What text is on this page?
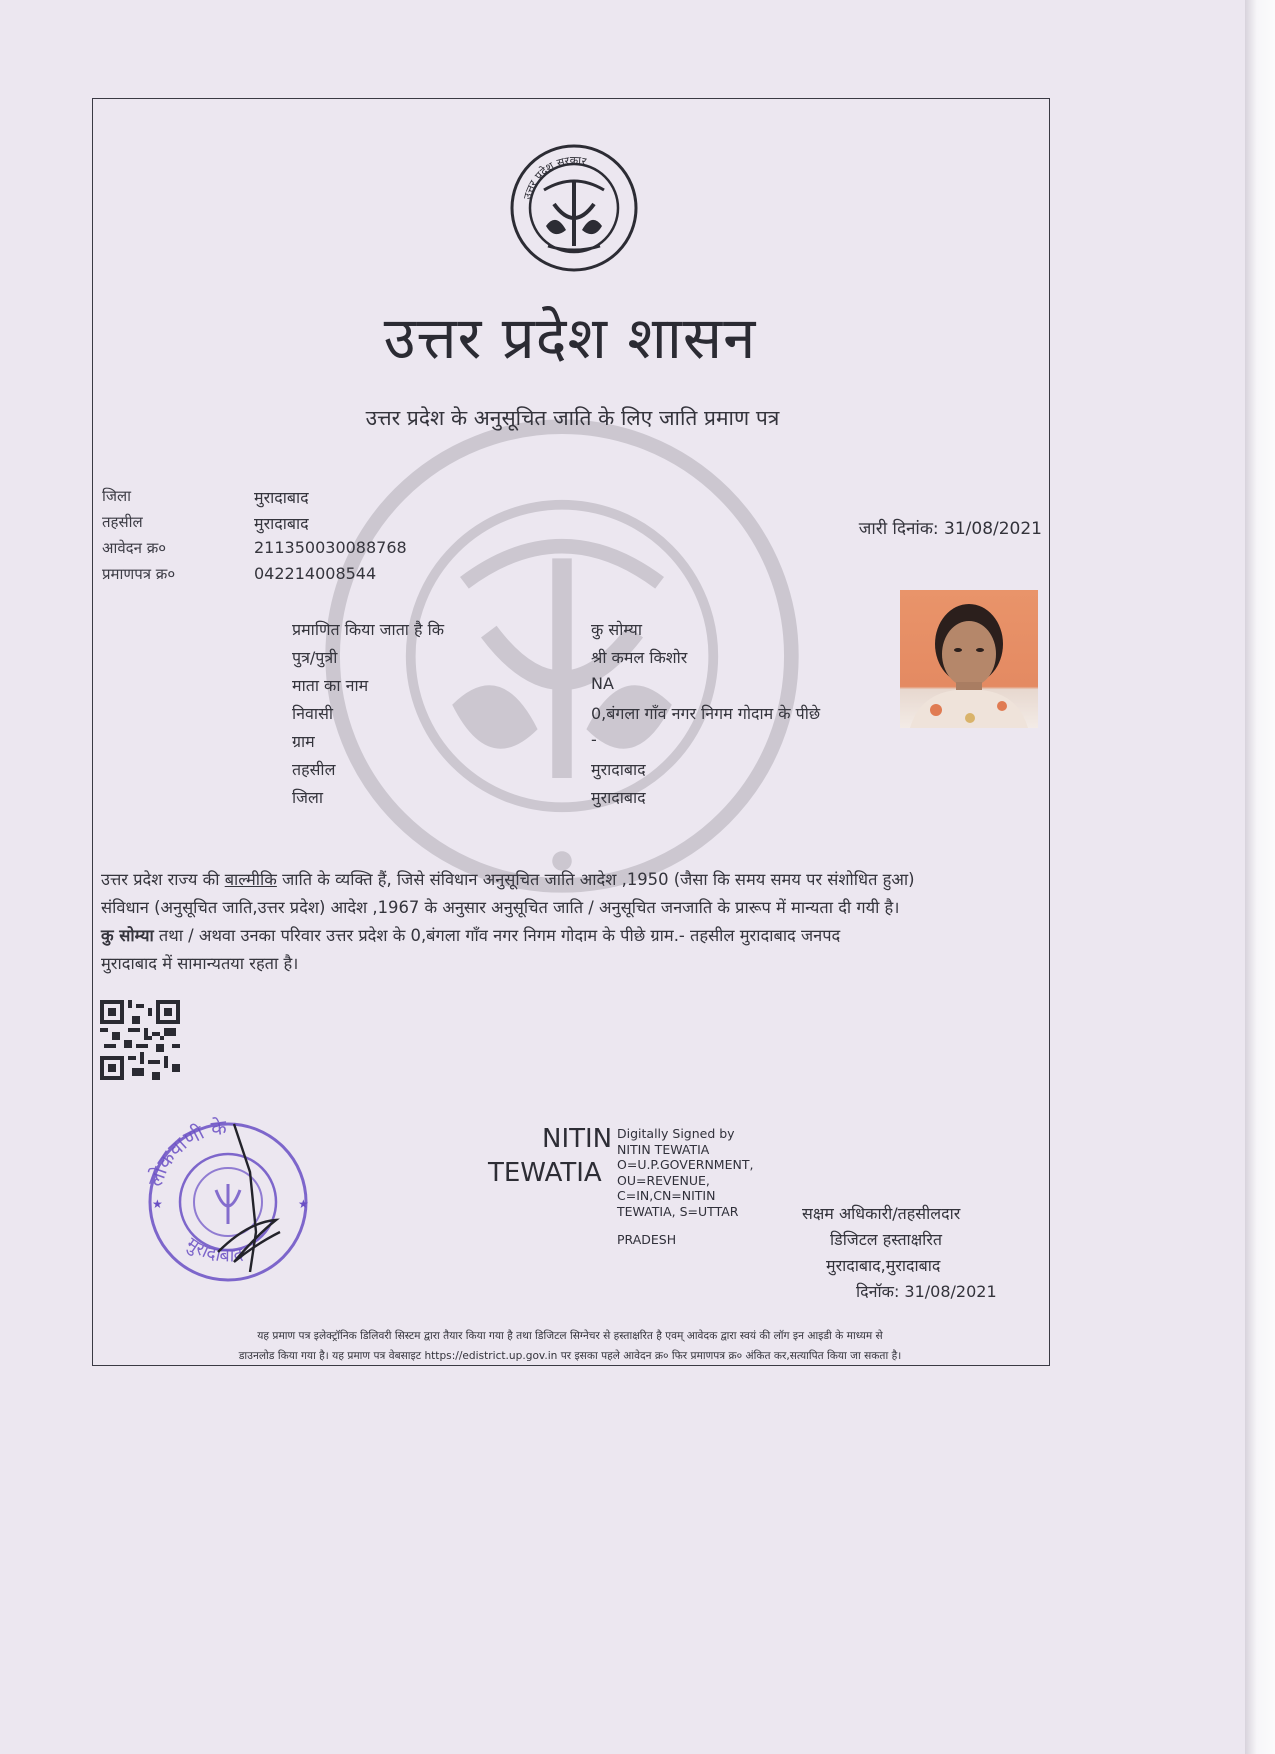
उत्तर प्रदेश सरकार
उत्तर प्रदेश शासन
उत्तर प्रदेश के अनुसूचित जाति के लिए जाति प्रमाण पत्र
जिला	मुरादाबाद
तहसील	मुरादाबाद
आवेदन क्र०	211350030088768
प्रमाणपत्र क्र०	042214008544
जारी दिनांक: 31/08/2021
प्रमाणित किया जाता है कि	कु सोम्या
पुत्र/पुत्री	श्री कमल किशोर
माता का नाम	NA
निवासी	0,बंगला गाँव नगर निगम गोदाम के पीछे
ग्राम	-
तहसील	मुरादाबाद
जिला	मुरादाबाद
उत्तर प्रदेश राज्य की बाल्मीकि जाति के व्यक्ति हैं, जिसे संविधान अनुसूचित जाति आदेश ,1950 (जैसा कि समय समय पर संशोधित हुआ)
संविधान (अनुसूचित जाति,उत्तर प्रदेश) आदेश ,1967 के अनुसार अनुसूचित जाति / अनुसूचित जनजाति के प्रारूप में मान्यता दी गयी है।
कु सोम्या तथा / अथवा उनका परिवार उत्तर प्रदेश के 0,बंगला गाँव नगर निगम गोदाम के पीछे ग्राम.- तहसील मुरादाबाद जनपद
मुरादाबाद में सामान्यतया रहता है।
लोकवाणी के
मुरादाबाद
★	★
NITIN
TEWATIA
Digitally Signed by
NITIN TEWATIA
O=U.P.GOVERNMENT,
OU=REVENUE,
C=IN,CN=NITIN
TEWATIA, S=UTTAR
PRADESH
सक्षम अधिकारी/तहसीलदार
डिजिटल हस्ताक्षरित
मुरादाबाद,मुरादाबाद
दिनॉक: 31/08/2021
यह प्रमाण पत्र इलेक्ट्रॉनिक डिलिवरी सिस्टम द्वारा तैयार किया गया है तथा डिजिटल सिग्नेचर से हस्ताक्षरित है एवम् आवेदक द्वारा स्वयं की लॉग इन आइडी के माध्यम से
डाउनलोड किया गया है। यह प्रमाण पत्र वेबसाइट https://edistrict.up.gov.in पर इसका पहले आवेदन क्र० फिर प्रमाणपत्र क्र० अंकित कर,सत्यापित किया जा सकता है।
